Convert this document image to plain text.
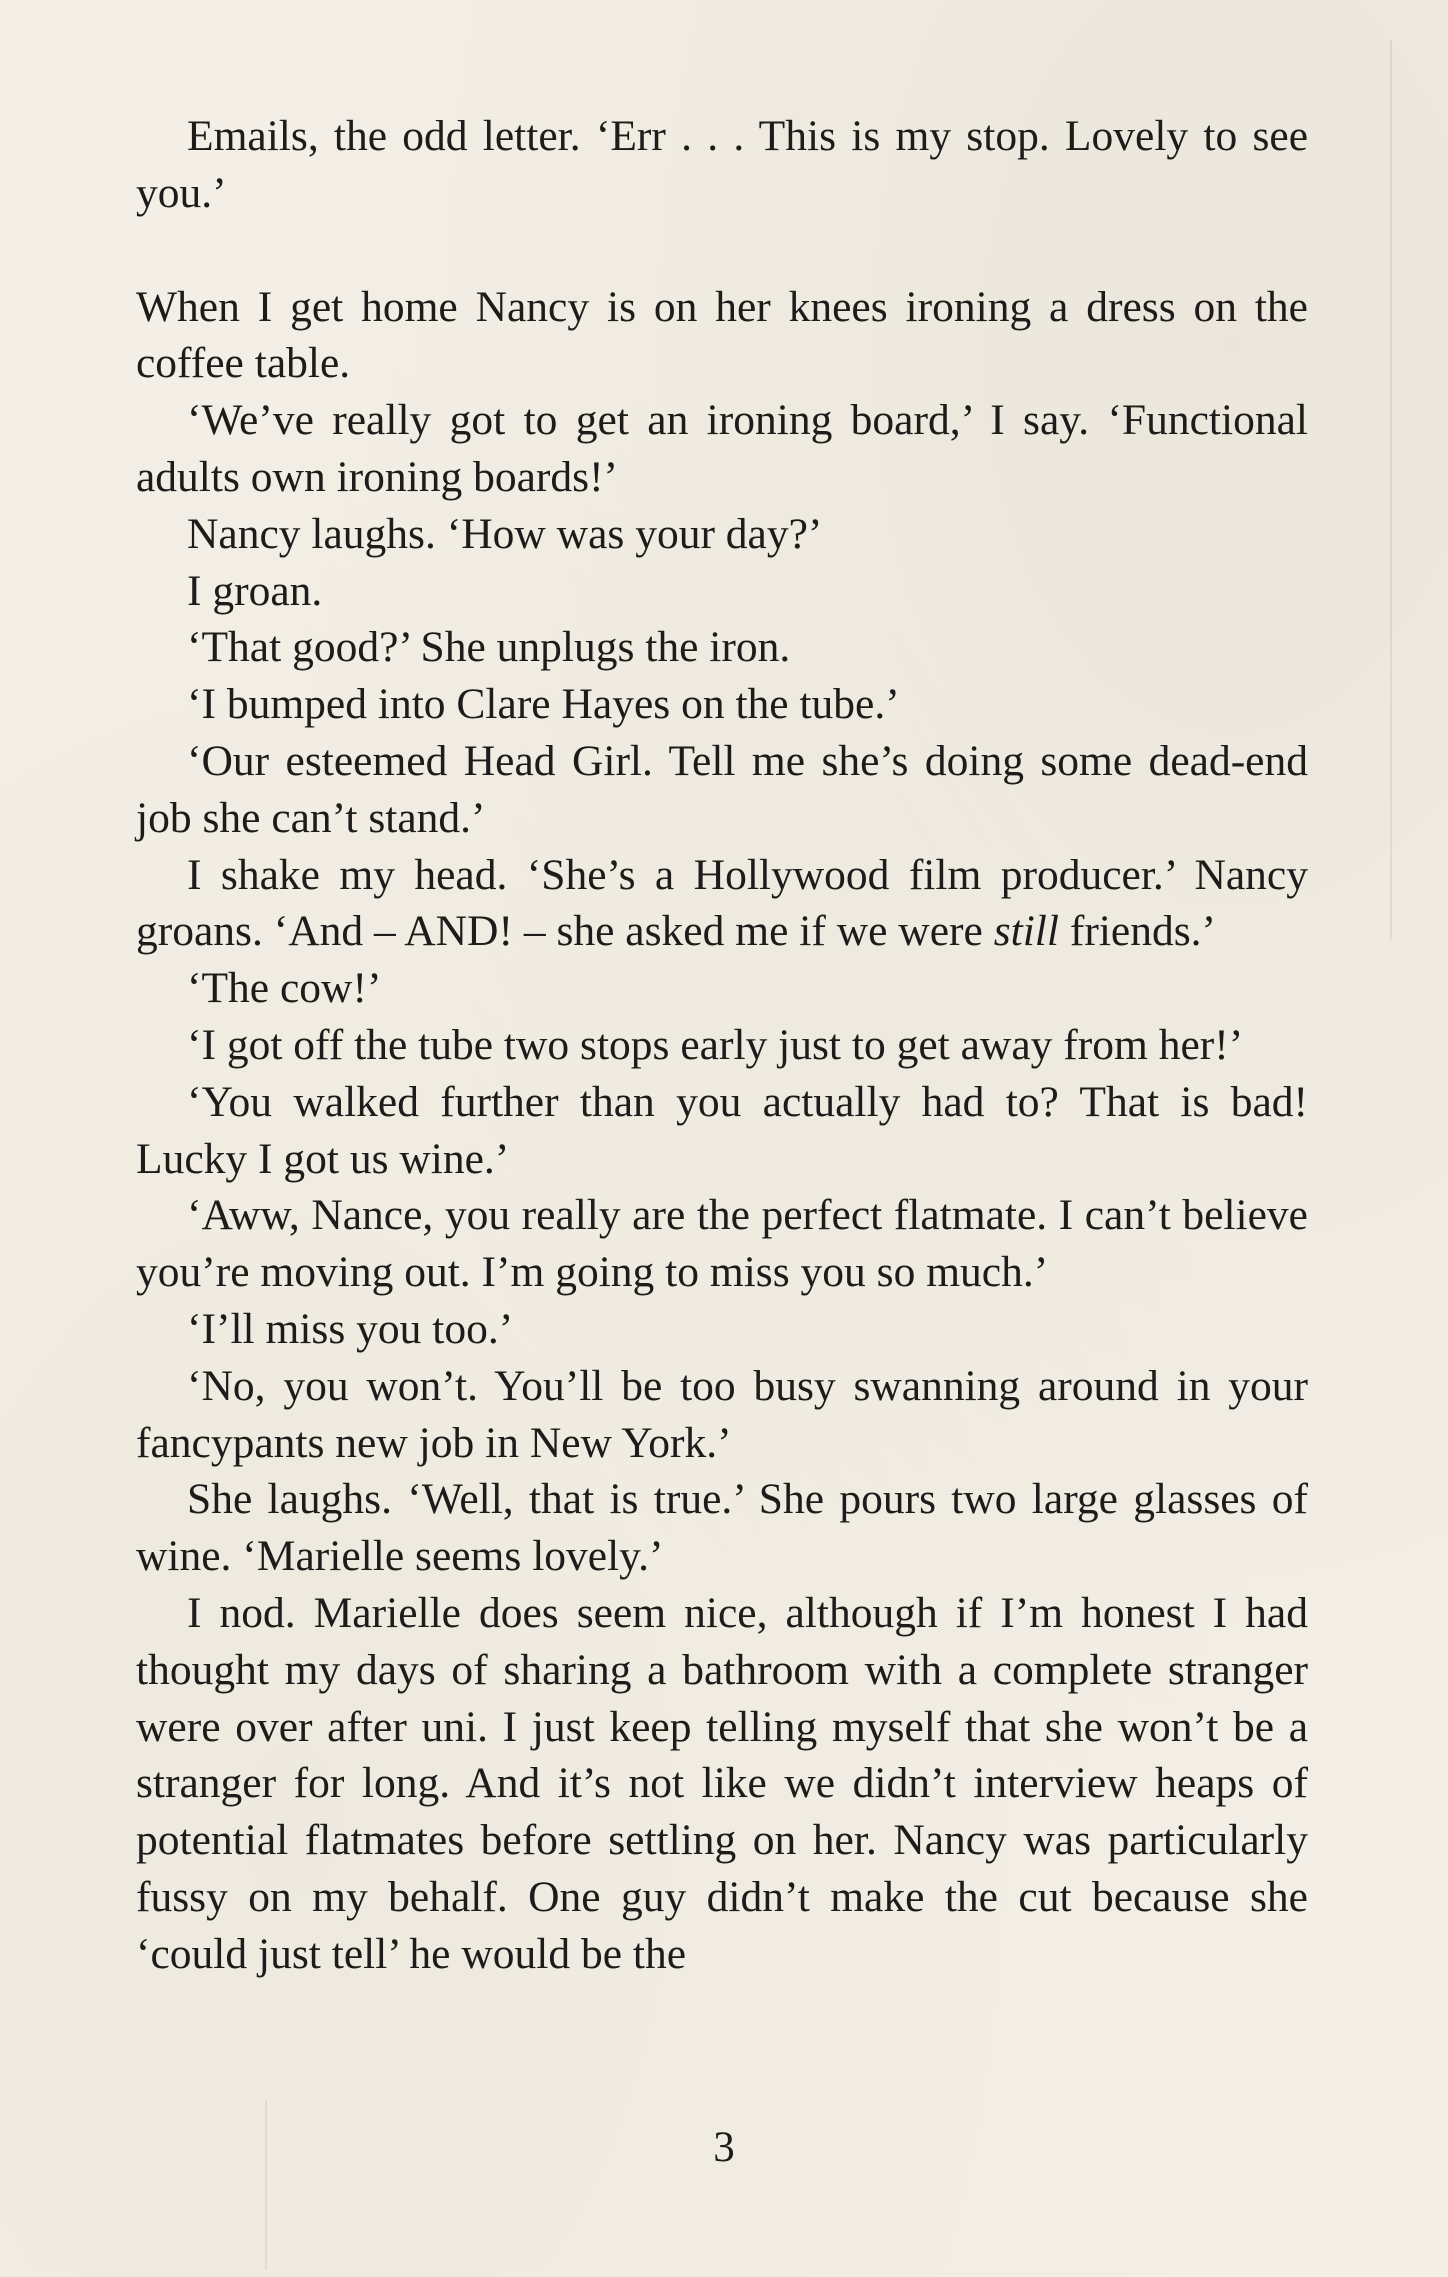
Emails, the odd letter. ‘Err . . . This is my stop. Lovely to see you.’

When I get home Nancy is on her knees ironing a dress on the coffee table.

‘We’ve really got to get an ironing board,’ I say. ‘Functional adults own ironing boards!’

Nancy laughs. ‘How was your day?’

I groan.

‘That good?’ She unplugs the iron.

‘I bumped into Clare Hayes on the tube.’

‘Our esteemed Head Girl. Tell me she’s doing some dead-end job she can’t stand.’

I shake my head. ‘She’s a Hollywood film producer.’ Nancy groans. ‘And – AND! – she asked me if we were still friends.’

‘The cow!’

‘I got off the tube two stops early just to get away from her!’

‘You walked further than you actually had to? That is bad! Lucky I got us wine.’

‘Aww, Nance, you really are the perfect flatmate. I can’t believe you’re moving out. I’m going to miss you so much.’

‘I’ll miss you too.’

‘No, you won’t. You’ll be too busy swanning around in your fancypants new job in New York.’

She laughs. ‘Well, that is true.’ She pours two large glasses of wine. ‘Marielle seems lovely.’

I nod. Marielle does seem nice, although if I’m honest I had thought my days of sharing a bathroom with a complete stranger were over after uni. I just keep telling myself that she won’t be a stranger for long. And it’s not like we didn’t interview heaps of potential flatmates before settling on her. Nancy was particularly fussy on my behalf. One guy didn’t make the cut because she ‘could just tell’ he would be the

3
